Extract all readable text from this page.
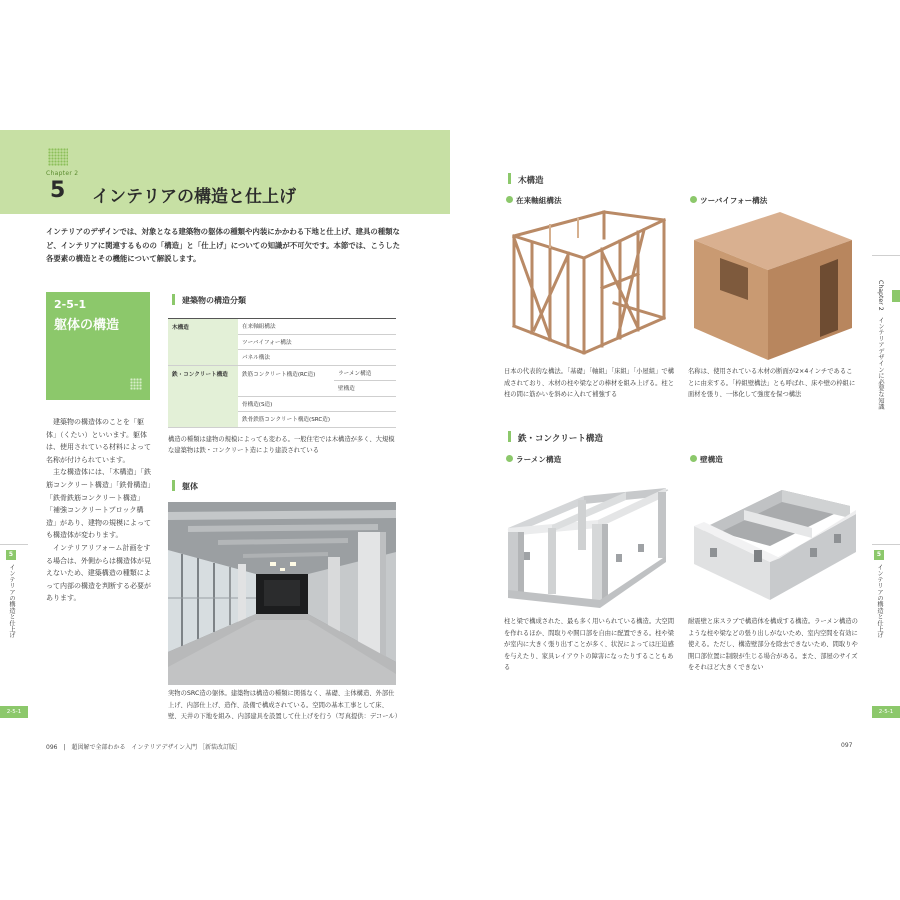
Chapter 2
5 インテリアの構造と仕上げ
インテリアのデザインでは、対象となる建築物の躯体の種類や内装にかかわる下地と仕上げ、建具の種類など、インテリアに関連するものの「構造」と「仕上げ」についての知識が不可欠です。本節では、こうした各要素の構造とその機能について解説します。
2-5-1
躯体の構造
建築物の構造体のことを「躯体」（くたい）といいます。躯体は、使用されている材料によって名称が付けられています。
主な構造体には、「木構造」「鉄筋コンクリート構造」「鉄骨構造」「鉄骨鉄筋コンクリート構造」「補強コンクリートブロック構造」があり、建物の規模によっても構造体が変わります。
インテリアリフォーム計画をする場合は、外側からは構造体が見えないため、建築構造の種類によって内部の構造を判断する必要があります。
建築物の構造分類
木構造	在来軸組構法	
	ツーバイフォー構法	
	パネル構法	
鉄・コンクリート構造	鉄筋コンクリート構造(RC造)	ラーメン構造
		壁構造
	骨構造(S造)	
	鉄骨鉄筋コンクリート構造(SRC造)	
構造の種類は建物の規模によっても変わる。一般住宅では木構造が多く、大規模な建築物は鉄・コンクリート造により建設されている
躯体
実物のSRC造の躯体。建築物は構造の種類に関係なく、基礎、主体構造、外部仕上げ、内部仕上げ、造作、設備で構成されている。空間の基本工事として床、壁、天井の下地を組み、内部建具を設置して仕上げを行う（写真提供：デコール）
096　|　超図解で全部わかる　インテリアデザイン入門 ［新装改訂版］
5
インテリアの構造と仕上げ
2-5-1
木構造
在来軸組構法
日本の代表的な構法。「基礎」「軸組」「床組」「小屋組」で構成されており、木材の柱や梁などの棒材を組み上げる。柱と柱の間に筋かいを斜めに入れて補強する
ツーバイフォー構法
名称は、使用されている木材の断面が2×4インチであることに由来する。「枠組壁構法」とも呼ばれ、床や壁の枠組に面材を張り、一体化して強度を保つ構法
鉄・コンクリート構造
ラーメン構造
柱と梁で構成された、最も多く用いられている構造。大空間を作れるほか、間取りや開口部を自由に配置できる。柱や梁が室内に大きく張り出すことが多く、状況によっては圧迫感を与えたり、家具レイアウトの障害になったりすることもある
壁構造
耐震壁と床スラブで構造体を構成する構造。ラーメン構造のような柱や梁などの張り出しがないため、室内空間を有効に使える。ただし、構造壁部分を除去できないため、間取りや開口部位置に制限が生じる場合がある。また、部屋のサイズをそれほど大きくできない
097
Chapter 2　インテリアデザインに必要な知識
5
インテリアの構造と仕上げ
2-5-1
